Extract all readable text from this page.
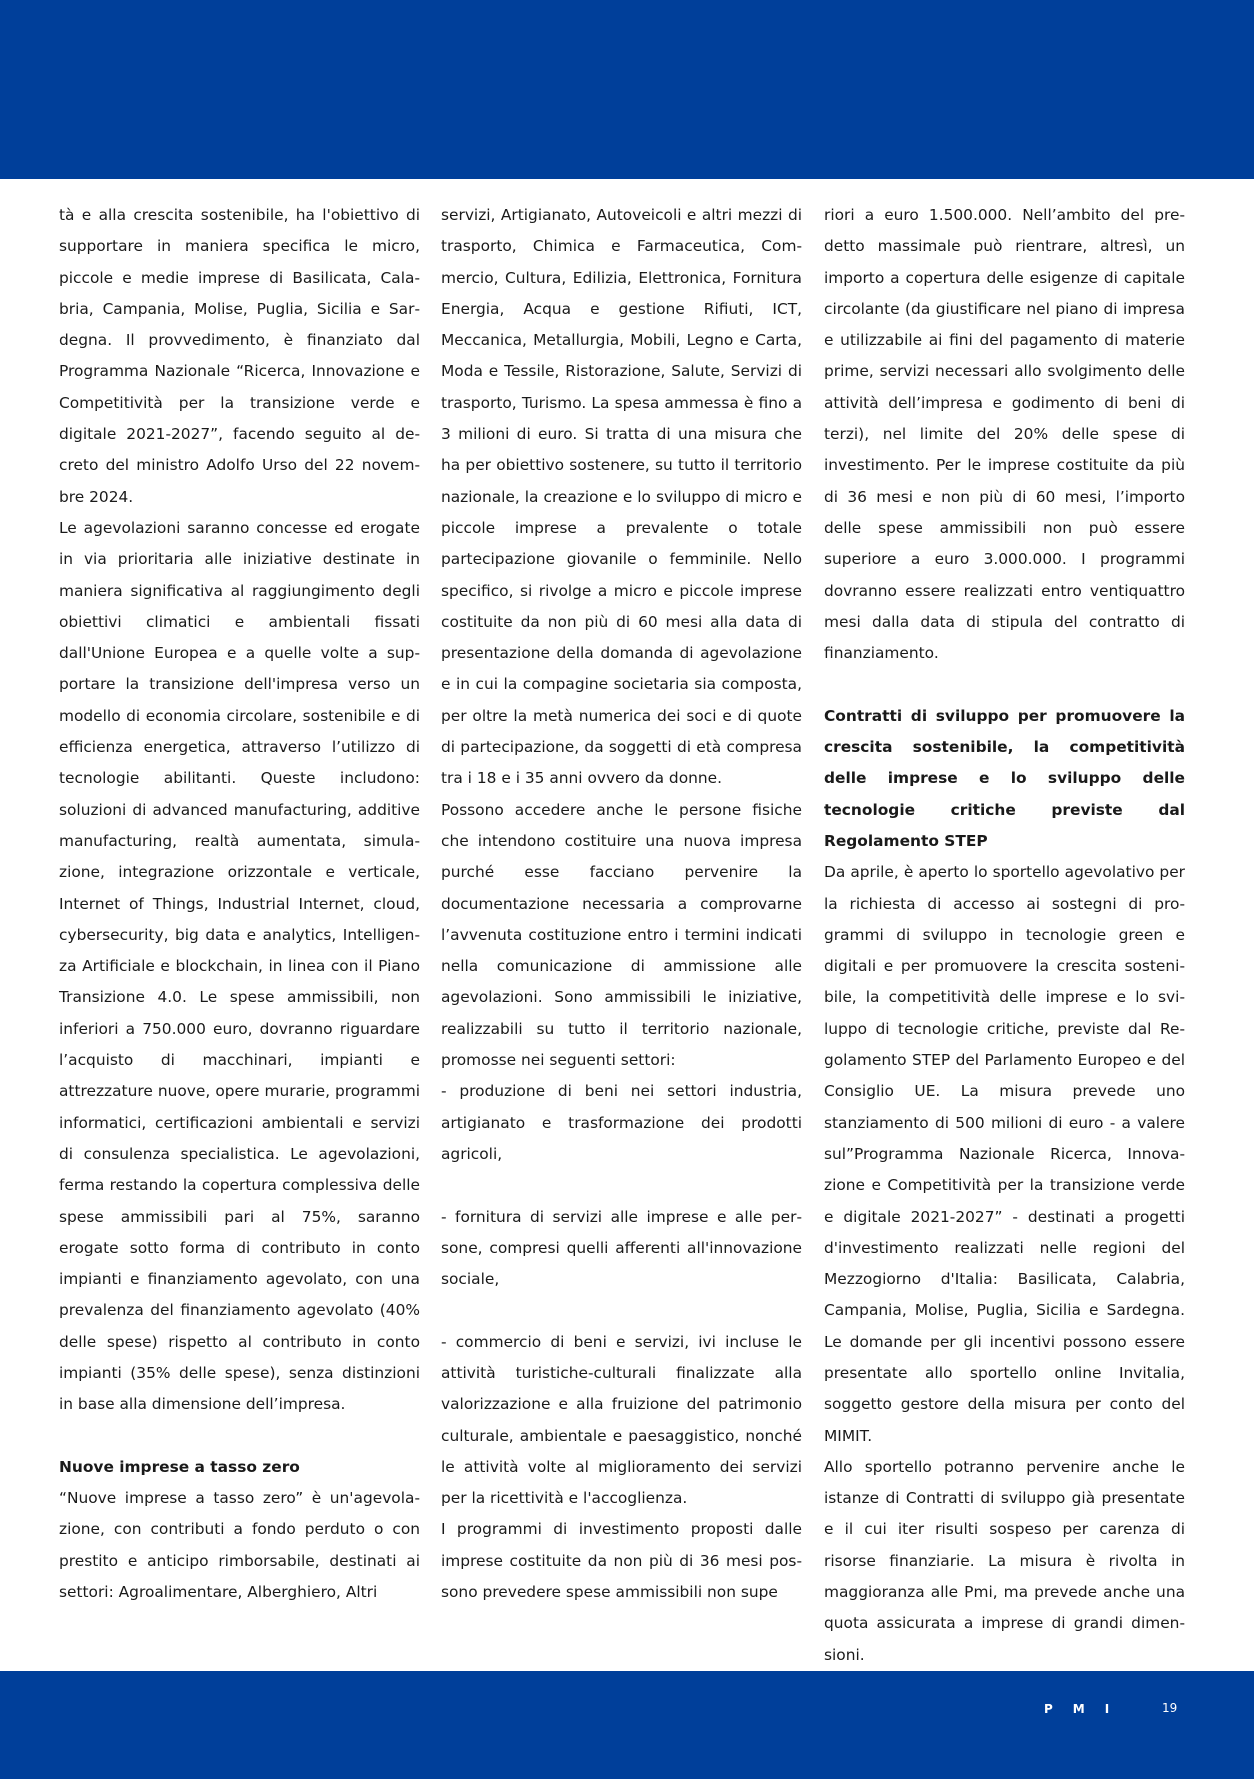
tà e alla crescita sostenibile, ha l'obiettivo di supportare in maniera specifica le micro, piccole e medie imprese di Basilicata, Calabria, Campania, Molise, Puglia, Sicilia e Sardegna. Il provvedimento, è finanziato dal Programma Nazionale “Ricerca, Innovazione e Competitività per la transizione verde e digitale 2021-2027”, facendo seguito al decreto del ministro Adolfo Urso del 22 novembre 2024.

Le agevolazioni saranno concesse ed erogate in via prioritaria alle iniziative destinate in maniera significativa al raggiungimento degli obiettivi climatici e ambientali fissati dall'Unione Europea e a quelle volte a supportare la transizione dell'impresa verso un modello di economia circolare, sostenibile e di efficienza energetica, attraverso l’utilizzo di tecnologie abilitanti. Queste includono: soluzioni di advanced manufacturing, additive manufacturing, realtà aumentata, simulazione, integrazione orizzontale e verticale, Internet of Things, Industrial Internet, cloud, cybersecurity, big data e analytics, Intelligenza Artificiale e blockchain, in linea con il Piano Transizione 4.0. Le spese ammissibili, non inferiori a 750.000 euro, dovranno riguardare l’acquisto di macchinari, impianti e attrezzature nuove, opere murarie, programmi informatici, certificazioni ambientali e servizi di consulenza specialistica. Le agevolazioni, ferma restando la copertura complessiva delle spese ammissibili pari al 75%, saranno erogate sotto forma di contributo in conto impianti e finanziamento agevolato, con una prevalenza del finanziamento agevolato (40% delle spese) rispetto al contributo in conto impianti (35% delle spese), senza distinzioni in base alla dimensione dell’impresa.

Nuove imprese a tasso zero

“Nuove imprese a tasso zero” è un'agevolazione, con contributi a fondo perduto o con prestito e anticipo rimborsabile, destinati ai settori: Agroalimentare, Alberghiero, Altri

servizi, Artigianato, Autoveicoli e altri mezzi di trasporto, Chimica e Farmaceutica, Commercio, Cultura, Edilizia, Elettronica, Fornitura Energia, Acqua e gestione Rifiuti, ICT, Meccanica, Metallurgia, Mobili, Legno e Carta, Moda e Tessile, Ristorazione, Salute, Servizi di trasporto, Turismo. La spesa ammessa è fino a 3 milioni di euro. Si tratta di una misura che ha per obiettivo sostenere, su tutto il territorio nazionale, la creazione e lo sviluppo di micro e piccole imprese a prevalente o totale partecipazione giovanile o femminile. Nello specifico, si rivolge a micro e piccole imprese costituite da non più di 60 mesi alla data di presentazione della domanda di agevolazione e in cui la compagine societaria sia composta, per oltre la metà numerica dei soci e di quote di partecipazione, da soggetti di età compresa tra i 18 e i 35 anni ovvero da donne.

Possono accedere anche le persone fisiche che intendono costituire una nuova impresa purché esse facciano pervenire la documentazione necessaria a comprovarne l’avvenuta costituzione entro i termini indicati nella comunicazione di ammissione alle agevolazioni. Sono ammissibili le iniziative, realizzabili su tutto il territorio nazionale, promosse nei seguenti settori:

- produzione di beni nei settori industria, artigianato e trasformazione dei prodotti agricoli,

- fornitura di servizi alle imprese e alle persone, compresi quelli afferenti all'innovazione sociale,

- commercio di beni e servizi, ivi incluse le attività turistiche-culturali finalizzate alla valorizzazione e alla fruizione del patrimonio culturale, ambientale e paesaggistico, nonché le attività volte al miglioramento dei servizi per la ricettività e l'accoglienza.

I programmi di investimento proposti dalle imprese costituite da non più di 36 mesi possono prevedere spese ammissibili non supe

riori a euro 1.500.000. Nell’ambito del predetto massimale può rientrare, altresì, un importo a copertura delle esigenze di capitale circolante (da giustificare nel piano di impresa e utilizzabile ai fini del pagamento di materie prime, servizi necessari allo svolgimento delle attività dell’impresa e godimento di beni di terzi), nel limite del 20% delle spese di investimento. Per le imprese costituite da più di 36 mesi e non più di 60 mesi, l’importo delle spese ammissibili non può essere superiore a euro 3.000.000. I programmi dovranno essere realizzati entro ventiquattro mesi dalla data di stipula del contratto di finanziamento.

Contratti di sviluppo per promuovere la crescita sostenibile, la competitività delle imprese e lo sviluppo delle tecnologie critiche previste dal Regolamento STEP

Da aprile, è aperto lo sportello agevolativo per la richiesta di accesso ai sostegni di programmi di sviluppo in tecnologie green e digitali e per promuovere la crescita sostenibile, la competitività delle imprese e lo sviluppo di tecnologie critiche, previste dal Regolamento STEP del Parlamento Europeo e del Consiglio UE. La misura prevede uno stanziamento di 500 milioni di euro - a valere sul”Programma Nazionale Ricerca, Innovazione e Competitività per la transizione verde e digitale 2021-2027” - destinati a progetti d'investimento realizzati nelle regioni del Mezzogiorno d'Italia: Basilicata, Calabria, Campania, Molise, Puglia, Sicilia e Sardegna. Le domande per gli incentivi possono essere presentate allo sportello online Invitalia, soggetto gestore della misura per conto del MIMIT.

Allo sportello potranno pervenire anche le istanze di Contratti di sviluppo già presentate e il cui iter risulti sospeso per carenza di risorse finanziarie. La misura è rivolta in maggioranza alle Pmi, ma prevede anche una quota assicurata a imprese di grandi dimensioni.

PMI	19
